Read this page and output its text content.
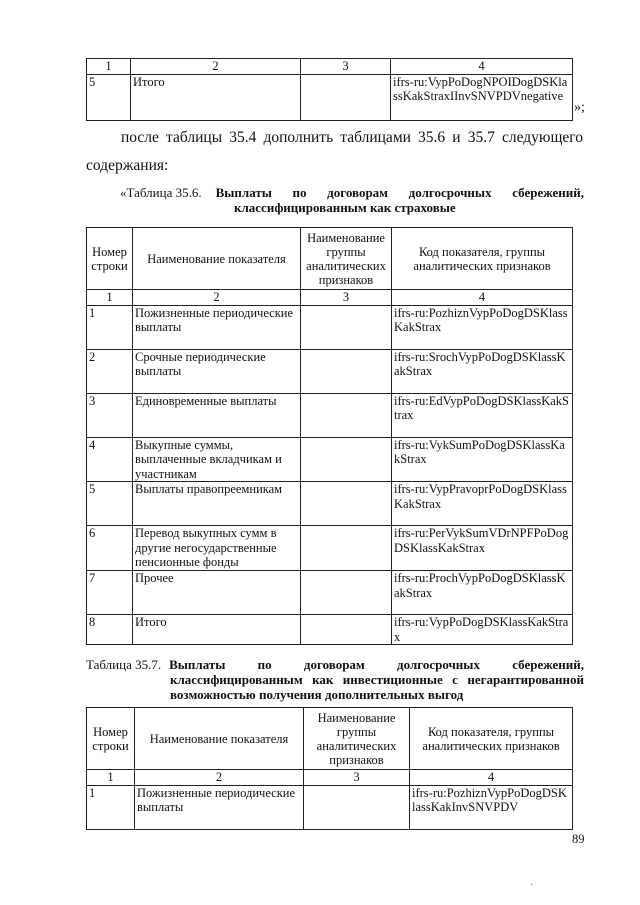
1	2	3	4
5	Итого		ifrs-ru:VypPoDogNPOIDogDSKlassKakStraxIInvSNVPDVnegative
»;
после таблицы 35.4 дополнить таблицами 35.6 и 35.7 следующего
содержания:
«Таблица 35.6. Выплаты по договорам долгосрочных сбережений,
классифицированным как страховые
Номер строки	Наименование показателя	Наименование группы аналитических признаков	Код показателя, группы аналитических признаков
1	2	3	4
1	Пожизненные периодические выплаты		ifrs-ru:PozhiznVypPoDogDSKlassKakStrax
2	Срочные периодические выплаты		ifrs-ru:SrochVypPoDogDSKlassKakStrax
3	Единовременные выплаты		ifrs-ru:EdVypPoDogDSKlassKakStrax
4	Выкупные суммы, выплаченные вкладчикам и участникам		ifrs-ru:VykSumPoDogDSKlassKakStrax
5	Выплаты правопреемникам		ifrs-ru:VypPravoprPoDogDSKlassKakStrax
6	Перевод выкупных сумм в другие негосударственные пенсионные фонды		ifrs-ru:PerVykSumVDrNPFPoDogDSKlassKakStrax
7	Прочее		ifrs-ru:ProchVypPoDogDSKlassKakStrax
8	Итого		ifrs-ru:VypPoDogDSKlassKakStrax
Таблица 35.7. Выплаты по договорам долгосрочных сбережений,
классифицированным как инвестиционные с негарантированной
возможностью получения дополнительных выгод
Номер строки	Наименование показателя	Наименование группы аналитических признаков	Код показателя, группы аналитических признаков
1	2	3	4
1	Пожизненные периодические выплаты		ifrs-ru:PozhiznVypPoDogDSKlassKakInvSNVPDV
89
·
